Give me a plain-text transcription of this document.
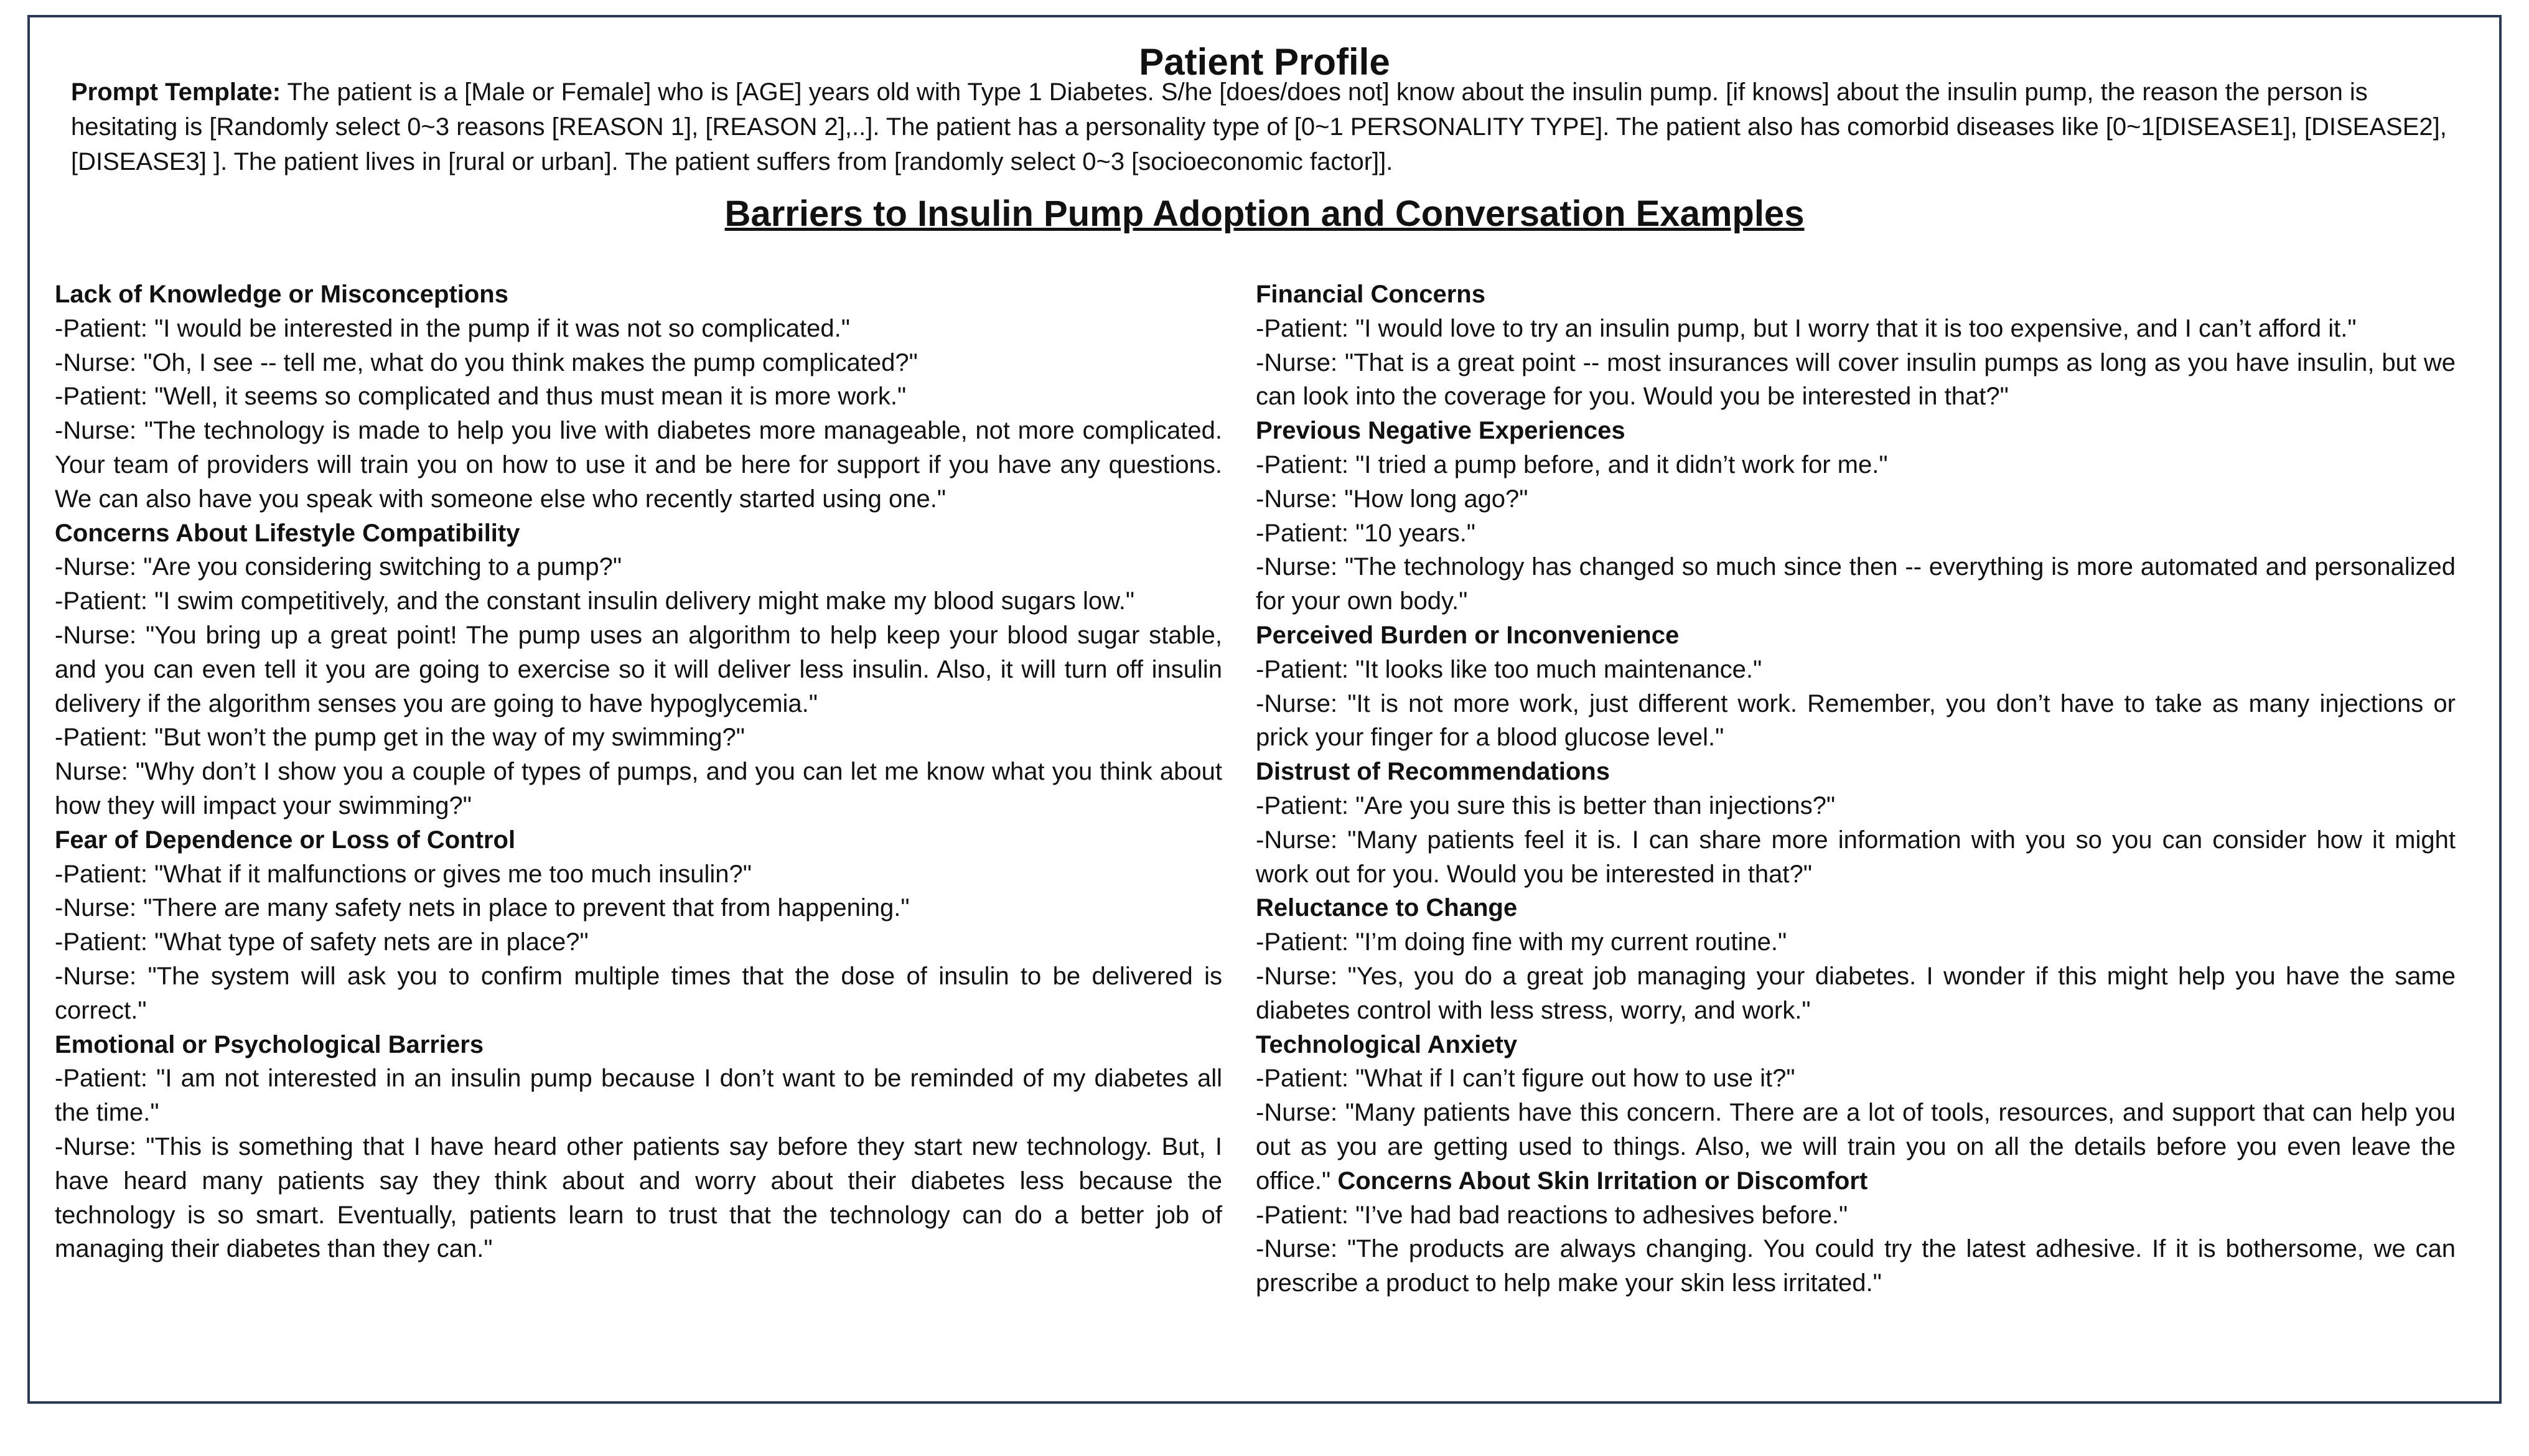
Patient Profile
Prompt Template: The patient is a [Male or Female] who is [AGE] years old with Type 1 Diabetes. S/he [does/does not] know about the insulin pump. [if knows] about the insulin pump, the reason the person is hesitating is [Randomly select 0~3 reasons [REASON 1], [REASON 2],..]. The patient has a personality type of [0~1 PERSONALITY TYPE]. The patient also has comorbid diseases like [0~1[DISEASE1], [DISEASE2], [DISEASE3] ]. The patient lives in [rural or urban]. The patient suffers from [randomly select 0~3 [socioeconomic factor]].
Barriers to Insulin Pump Adoption and Conversation Examples
Lack of Knowledge or Misconceptions
-Patient: "I would be interested in the pump if it was not so complicated."
-Nurse: "Oh, I see -- tell me, what do you think makes the pump complicated?"
-Patient: "Well, it seems so complicated and thus must mean it is more work."
-Nurse: "The technology is made to help you live with diabetes more manageable, not more complicated. Your team of providers will train you on how to use it and be here for support if you have any questions. We can also have you speak with someone else who recently started using one."
Concerns About Lifestyle Compatibility
-Nurse: "Are you considering switching to a pump?"
-Patient: "I swim competitively, and the constant insulin delivery might make my blood sugars low."
-Nurse: "You bring up a great point! The pump uses an algorithm to help keep your blood sugar stable, and you can even tell it you are going to exercise so it will deliver less insulin. Also, it will turn off insulin delivery if the algorithm senses you are going to have hypoglycemia."
-Patient: "But won’t the pump get in the way of my swimming?"
Nurse: "Why don’t I show you a couple of types of pumps, and you can let me know what you think about how they will impact your swimming?"
Fear of Dependence or Loss of Control
-Patient: "What if it malfunctions or gives me too much insulin?"
-Nurse: "There are many safety nets in place to prevent that from happening."
-Patient: "What type of safety nets are in place?"
-Nurse: "The system will ask you to confirm multiple times that the dose of insulin to be delivered is correct."
Emotional or Psychological Barriers
-Patient: "I am not interested in an insulin pump because I don’t want to be reminded of my diabetes all the time."
-Nurse: "This is something that I have heard other patients say before they start new technology. But, I have heard many patients say they think about and worry about their diabetes less because the technology is so smart. Eventually, patients learn to trust that the technology can do a better job of managing their diabetes than they can."
Financial Concerns
-Patient: "I would love to try an insulin pump, but I worry that it is too expensive, and I can’t afford it."
-Nurse: "That is a great point -- most insurances will cover insulin pumps as long as you have insulin, but we can look into the coverage for you. Would you be interested in that?"
Previous Negative Experiences
-Patient: "I tried a pump before, and it didn’t work for me."
-Nurse: "How long ago?"
-Patient: "10 years."
-Nurse: "The technology has changed so much since then -- everything is more automated and personalized for your own body."
Perceived Burden or Inconvenience
-Patient: "It looks like too much maintenance."
-Nurse: "It is not more work, just different work. Remember, you don’t have to take as many injections or prick your finger for a blood glucose level."
Distrust of Recommendations
-Patient: "Are you sure this is better than injections?"
-Nurse: "Many patients feel it is. I can share more information with you so you can consider how it might work out for you. Would you be interested in that?"
Reluctance to Change
-Patient: "I’m doing fine with my current routine."
-Nurse: "Yes, you do a great job managing your diabetes. I wonder if this might help you have the same diabetes control with less stress, worry, and work."
Technological Anxiety
-Patient: "What if I can’t figure out how to use it?"
-Nurse: "Many patients have this concern. There are a lot of tools, resources, and support that can help you out as you are getting used to things. Also, we will train you on all the details before you even leave the office." Concerns About Skin Irritation or Discomfort
-Patient: "I’ve had bad reactions to adhesives before."
-Nurse: "The products are always changing. You could try the latest adhesive. If it is bothersome, we can prescribe a product to help make your skin less irritated."
